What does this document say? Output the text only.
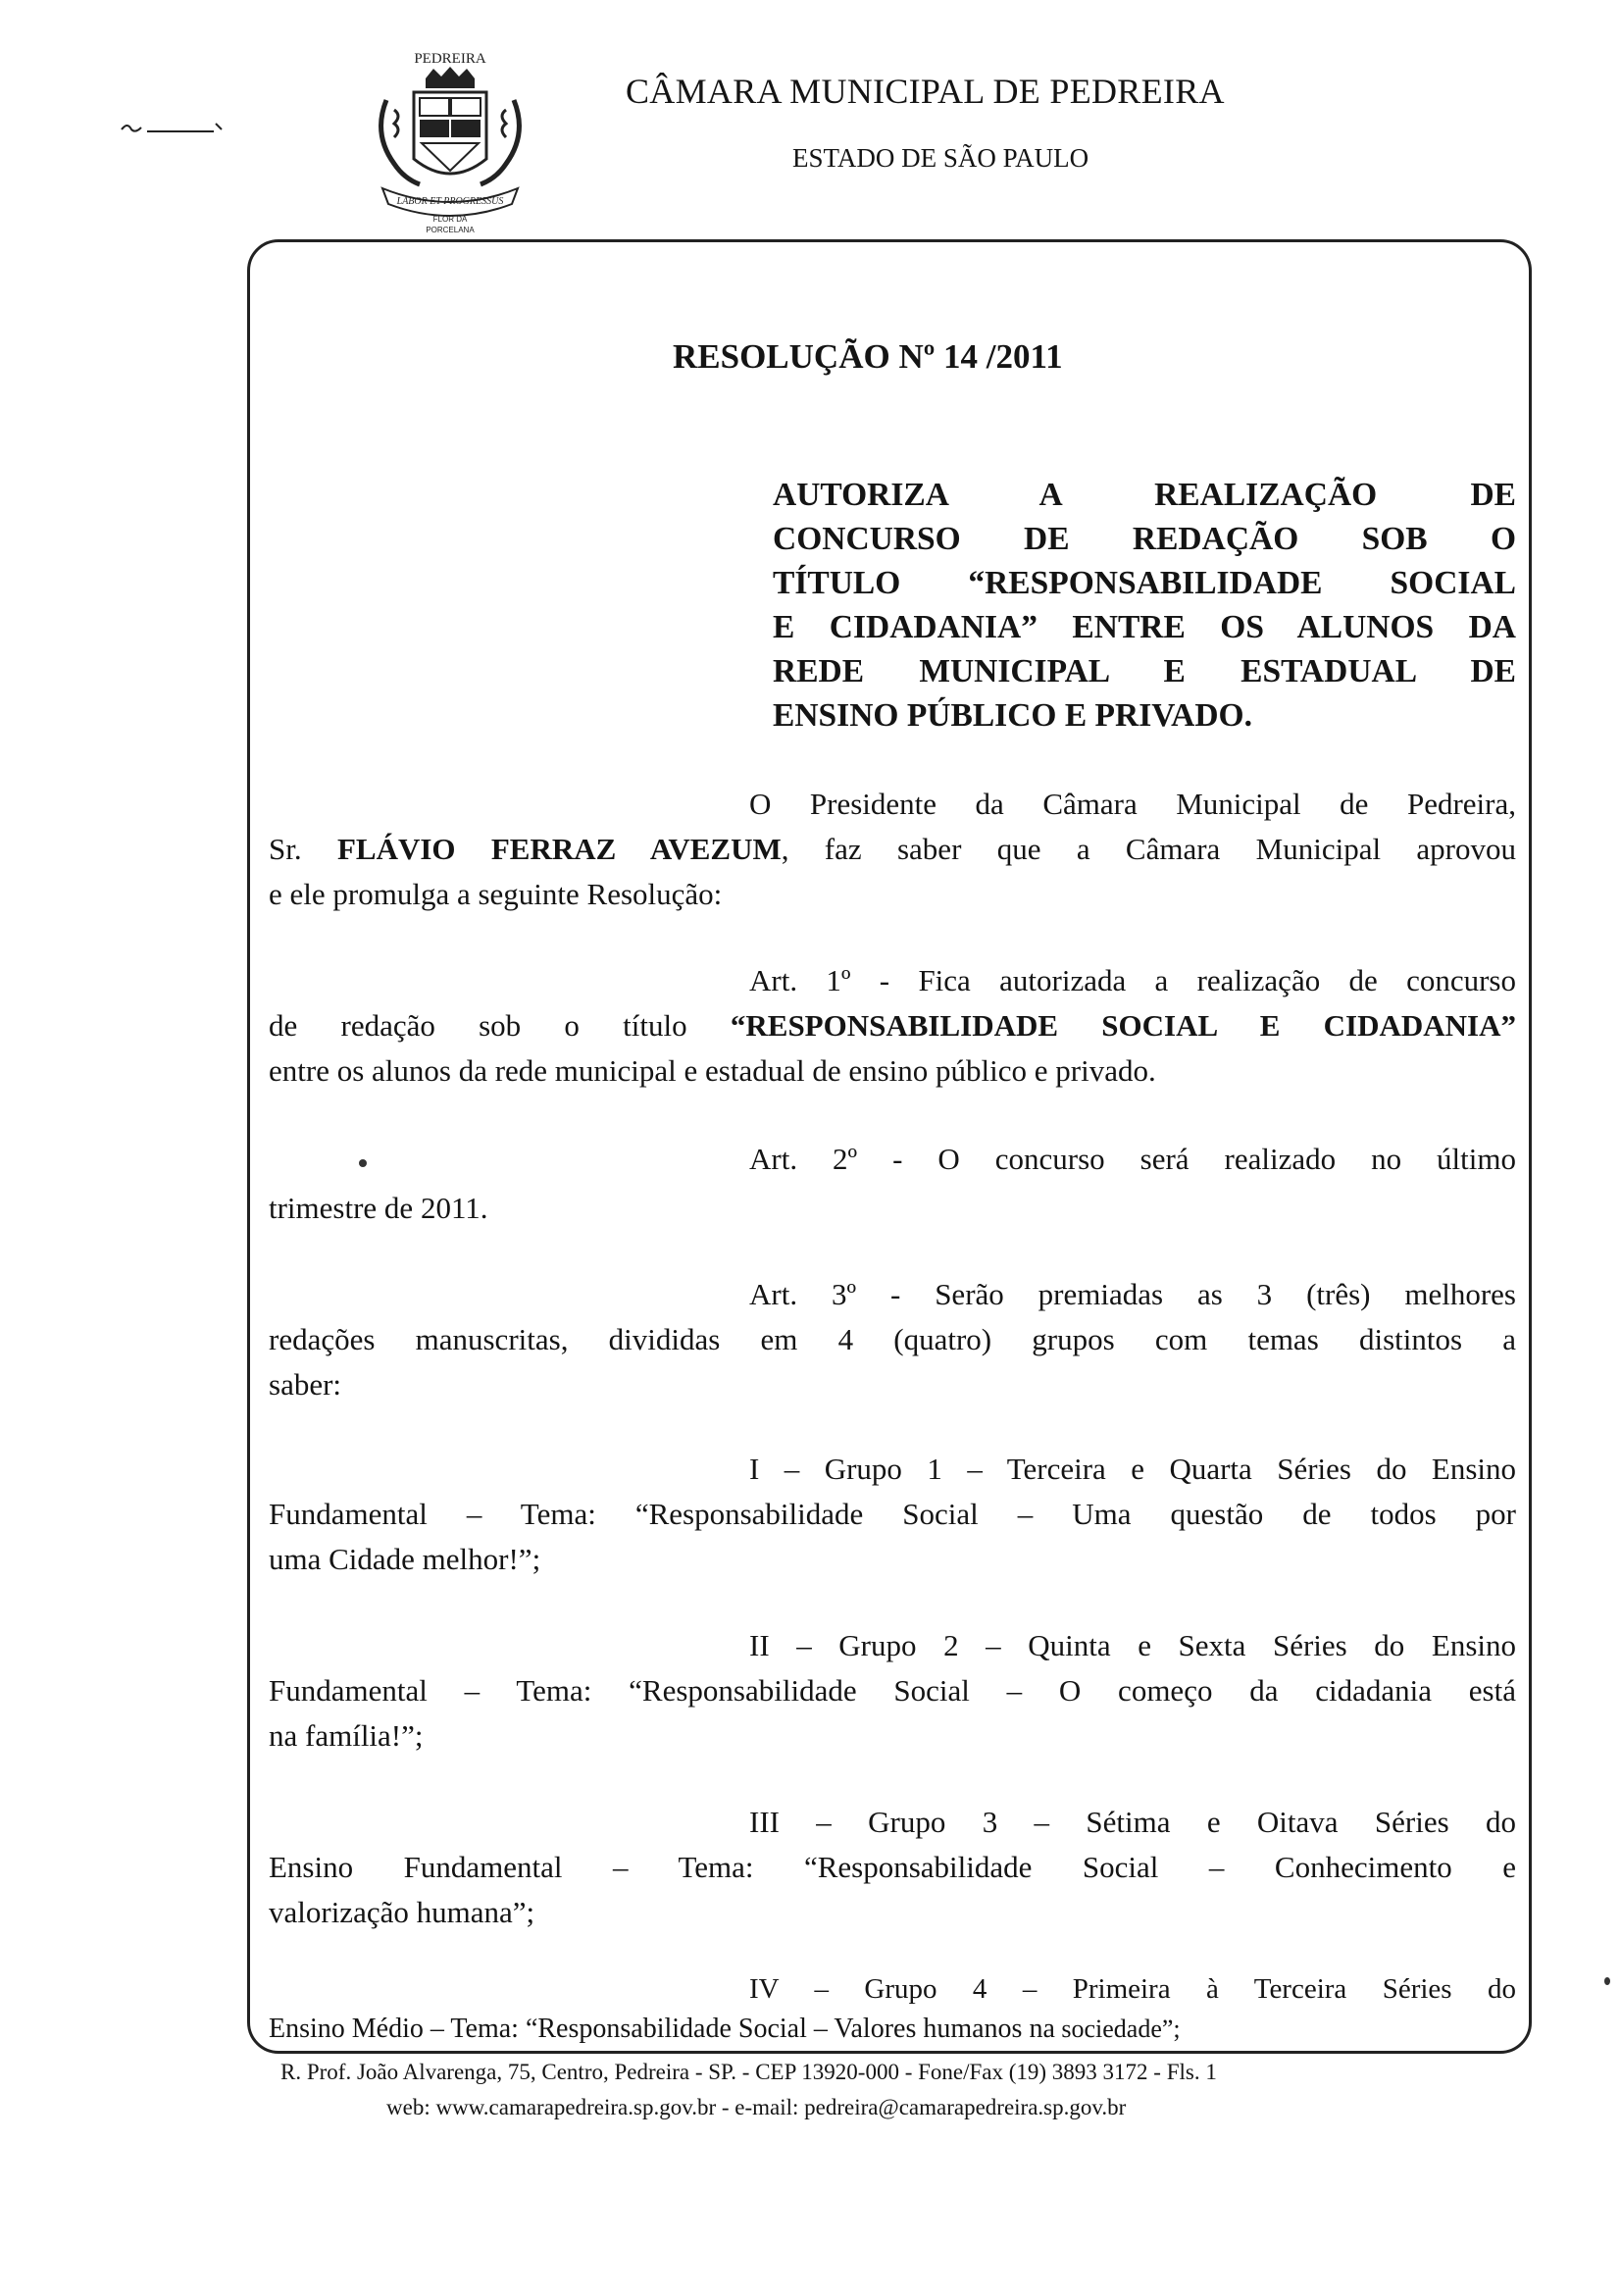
PEDREIRA
LABOR ET PROGRESSUS
FLOR DA
PORCELANA
CÂMARA MUNICIPAL DE PEDREIRA
ESTADO DE SÃO PAULO
RESOLUÇÃO Nº 14 /2011
AUTORIZA A REALIZAÇÃO DE
CONCURSO DE REDAÇÃO SOB O
TÍTULO “RESPONSABILIDADE SOCIAL
E CIDADANIA” ENTRE OS ALUNOS DA
REDE MUNICIPAL E ESTADUAL DE
ENSINO PÚBLICO E PRIVADO.
O Presidente da Câmara Municipal de Pedreira,
Sr. FLÁVIO FERRAZ AVEZUM, faz saber que a Câmara Municipal aprovou
e ele promulga a seguinte Resolução:
Art. 1º - Fica autorizada a realização de concurso
de redação sob o título “RESPONSABILIDADE SOCIAL E CIDADANIA”
entre os alunos da rede municipal e estadual de ensino público e privado.
Art. 2º - O concurso será realizado no último
trimestre de 2011.
Art. 3º - Serão premiadas as 3 (três) melhores
redações manuscritas, divididas em 4 (quatro) grupos com temas distintos a
saber:
I – Grupo 1 – Terceira e Quarta Séries do Ensino
Fundamental – Tema: “Responsabilidade Social – Uma questão de todos por
uma Cidade melhor!”;
II – Grupo 2 – Quinta e Sexta Séries do Ensino
Fundamental – Tema: “Responsabilidade Social – O começo da cidadania está
na família!”;
III – Grupo 3 – Sétima e Oitava Séries do
Ensino Fundamental – Tema: “Responsabilidade Social – Conhecimento e
valorização humana”;
IV – Grupo 4 – Primeira à Terceira Séries do
Ensino Médio – Tema: “Responsabilidade Social – Valores humanos na sociedade”;
R. Prof. João Alvarenga, 75, Centro, Pedreira - SP. - CEP 13920-000 - Fone/Fax (19) 3893 3172 - Fls. 1
web: www.camarapedreira.sp.gov.br - e-mail: pedreira@camarapedreira.sp.gov.br
